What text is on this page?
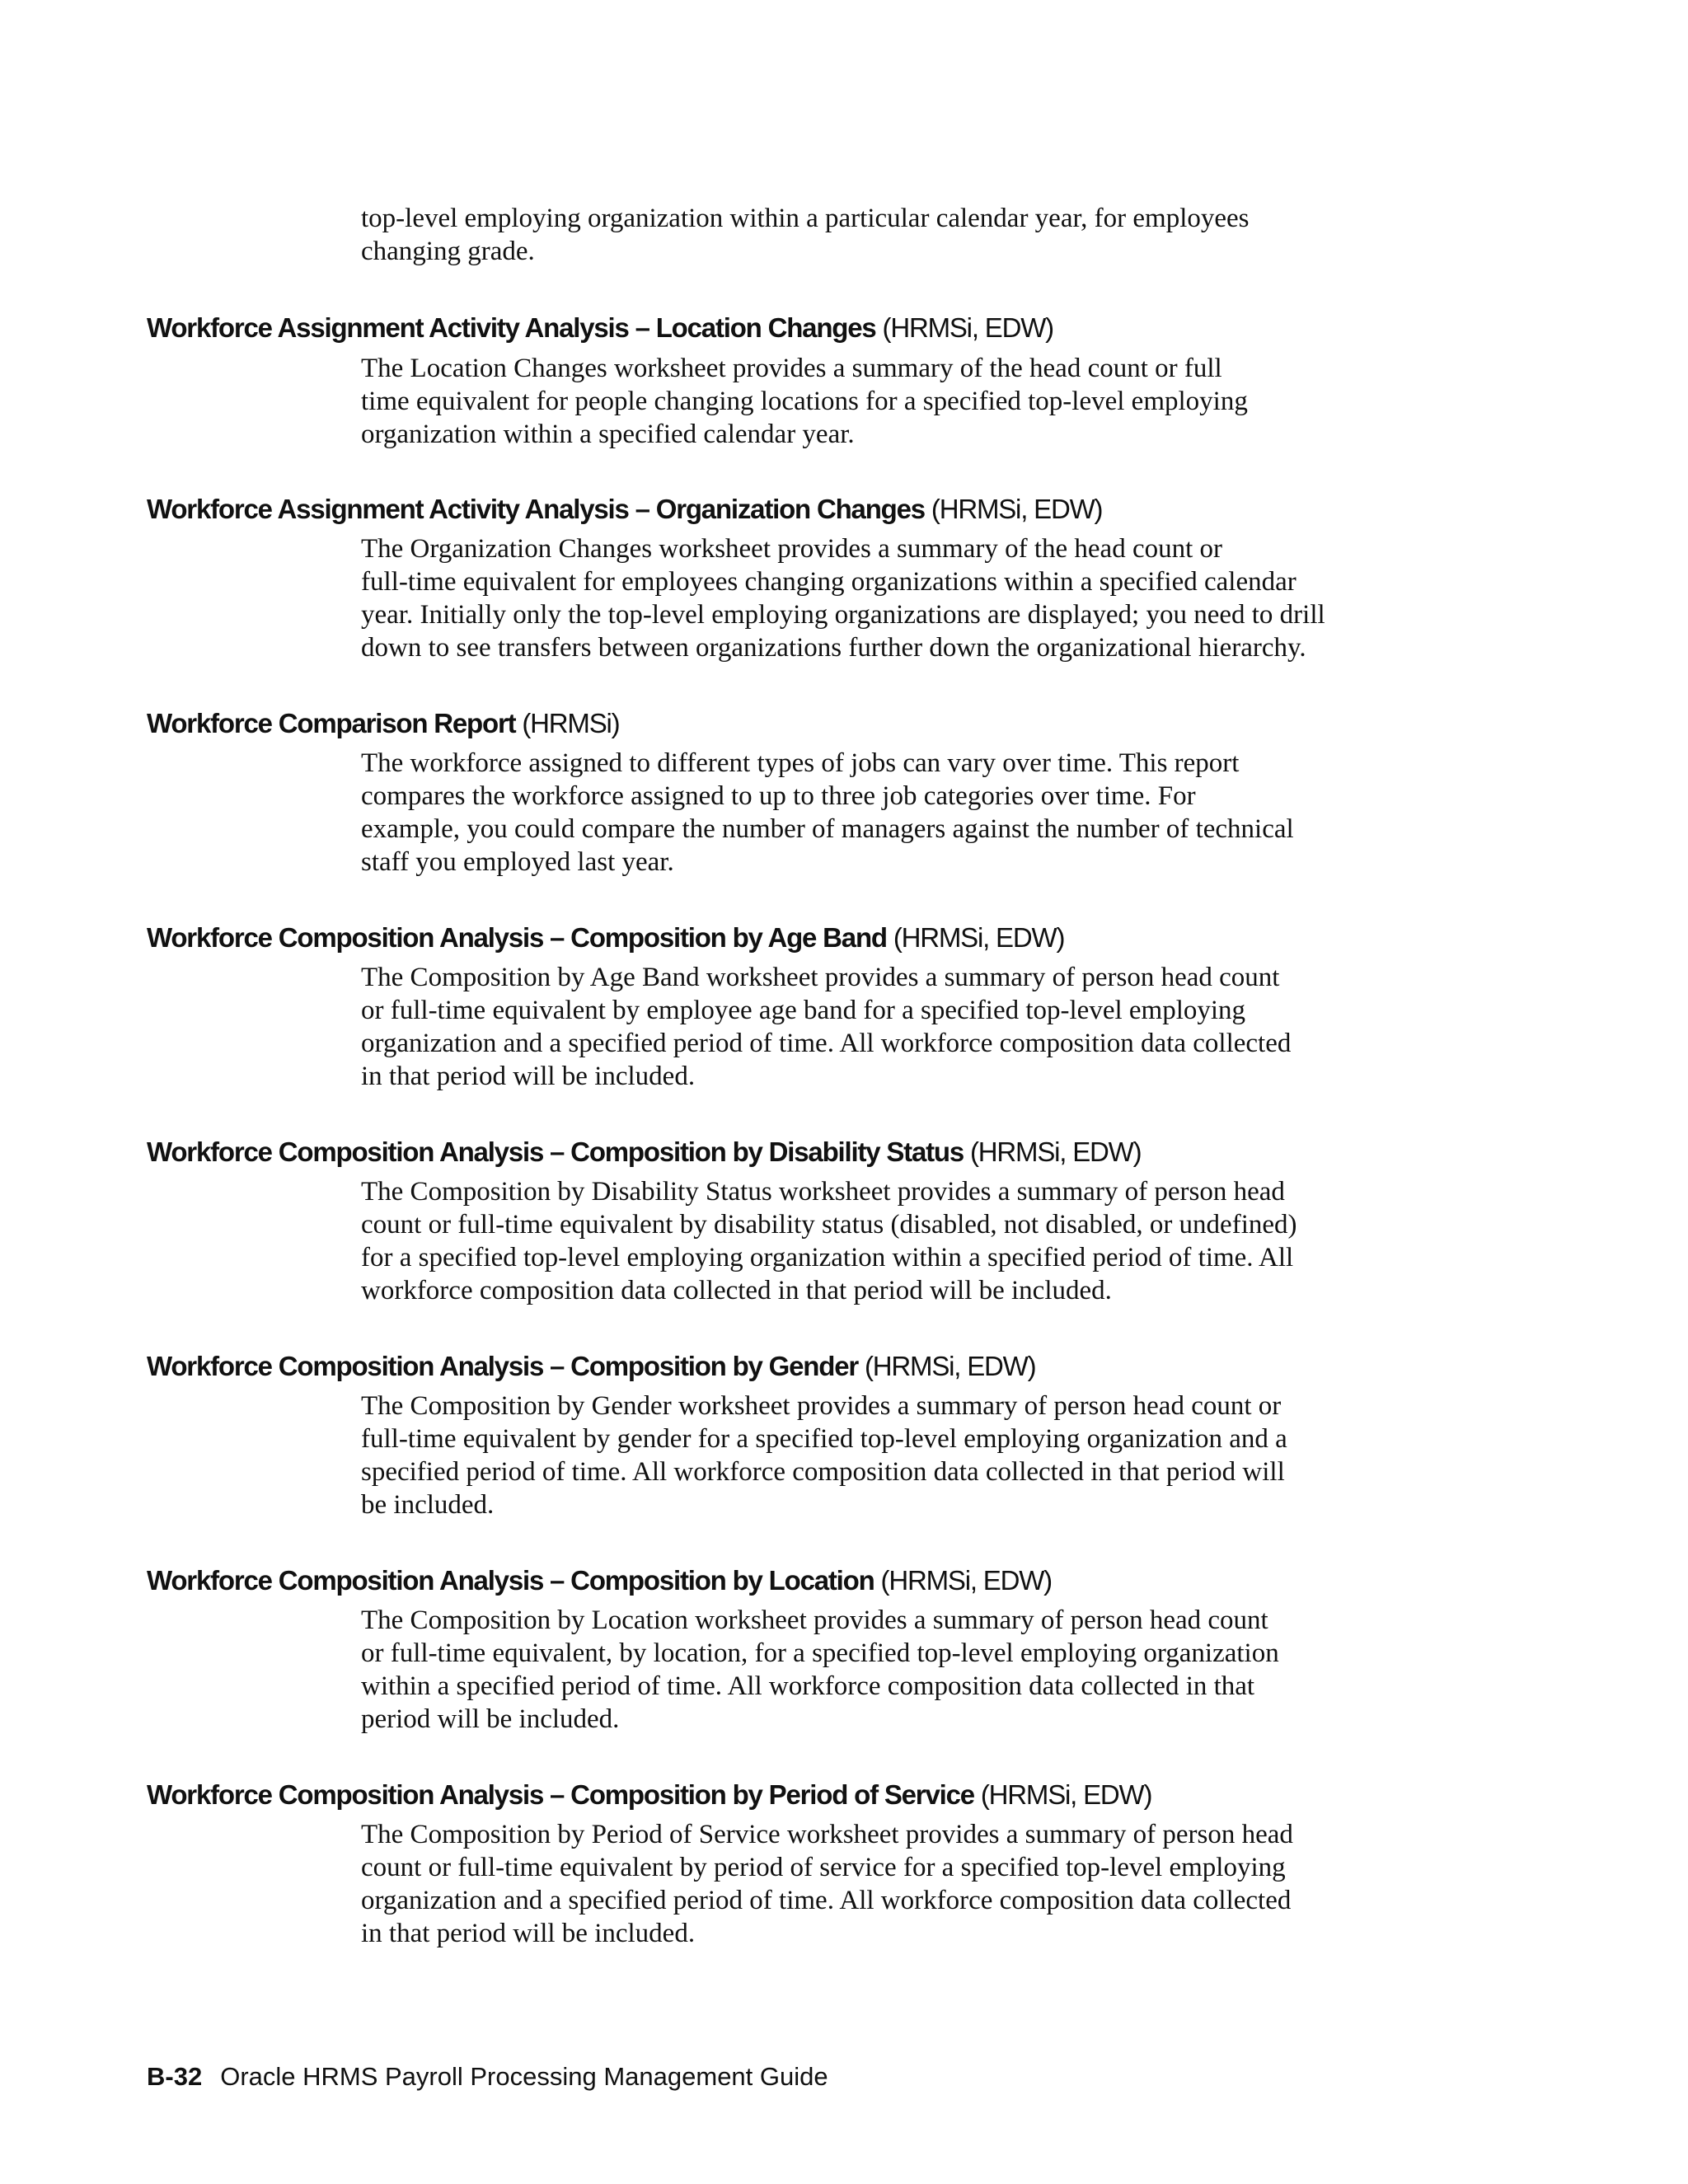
top-level employing organization within a particular calendar year, for employees
changing grade.
Workforce Assignment Activity Analysis – Location Changes (HRMSi, EDW)
The Location Changes worksheet provides a summary of the head count or full
time equivalent for people changing locations for a specified top-level employing
organization within a specified calendar year.
Workforce Assignment Activity Analysis – Organization Changes (HRMSi, EDW)
The Organization Changes worksheet provides a summary of the head count or
full-time equivalent for employees changing organizations within a specified calendar
year. Initially only the top-level employing organizations are displayed; you need to drill
down to see transfers between organizations further down the organizational hierarchy.
Workforce Comparison Report (HRMSi)
The workforce assigned to different types of jobs can vary over time. This report
compares the workforce assigned to up to three job categories over time. For
example, you could compare the number of managers against the number of technical
staff you employed last year.
Workforce Composition Analysis – Composition by Age Band (HRMSi, EDW)
The Composition by Age Band worksheet provides a summary of person head count
or full-time equivalent by employee age band for a specified top-level employing
organization and a specified period of time. All workforce composition data collected
in that period will be included.
Workforce Composition Analysis – Composition by Disability Status (HRMSi, EDW)
The Composition by Disability Status worksheet provides a summary of person head
count or full-time equivalent by disability status (disabled, not disabled, or undefined)
for a specified top-level employing organization within a specified period of time. All
workforce composition data collected in that period will be included.
Workforce Composition Analysis – Composition by Gender (HRMSi, EDW)
The Composition by Gender worksheet provides a summary of person head count or
full-time equivalent by gender for a specified top-level employing organization and a
specified period of time. All workforce composition data collected in that period will
be included.
Workforce Composition Analysis – Composition by Location (HRMSi, EDW)
The Composition by Location worksheet provides a summary of person head count
or full-time equivalent, by location, for a specified top-level employing organization
within a specified period of time. All workforce composition data collected in that
period will be included.
Workforce Composition Analysis – Composition by Period of Service (HRMSi, EDW)
The Composition by Period of Service worksheet provides a summary of person head
count or full-time equivalent by period of service for a specified top-level employing
organization and a specified period of time. All workforce composition data collected
in that period will be included.
B-32 Oracle HRMS Payroll Processing Management Guide
